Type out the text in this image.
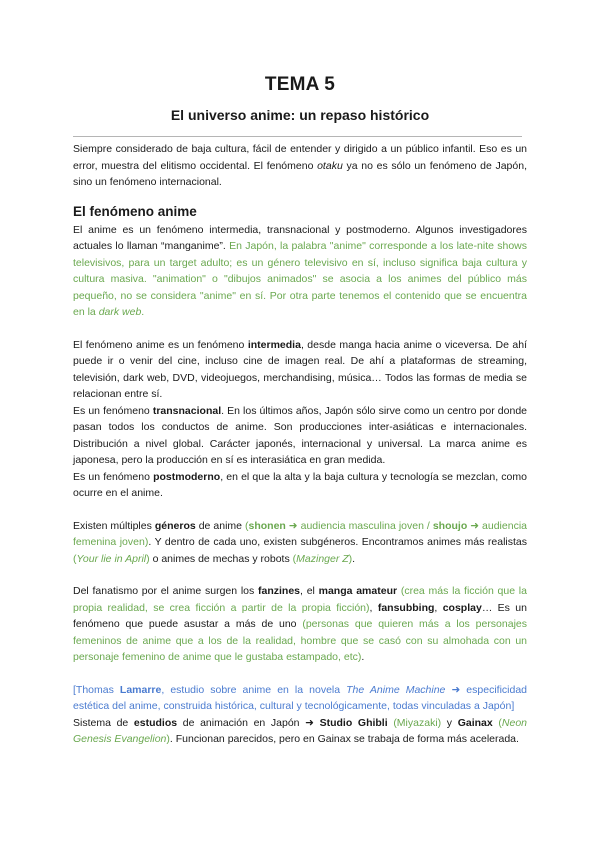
TEMA 5
El universo anime: un repaso histórico

Siempre considerado de baja cultura, fácil de entender y dirigido a un público infantil. Eso es un error, muestra del elitismo occidental. El fenómeno otaku ya no es sólo un fenómeno de Japón, sino un fenómeno internacional.

El fenómeno anime

El anime es un fenómeno intermedia, transnacional y postmoderno. Algunos investigadores actuales lo llaman “manganime”. En Japón, la palabra "anime" corresponde a los late-nite shows televisivos, para un target adulto; es un género televisivo en sí, incluso significa baja cultura y cultura masiva. "animation" o "dibujos animados" se asocia a los animes del público más pequeño, no se considera "anime" en sí. Por otra parte tenemos el contenido que se encuentra en la dark web.

El fenómeno anime es un fenómeno intermedia, desde manga hacia anime o viceversa. De ahí puede ir o venir del cine, incluso cine de imagen real. De ahí a plataformas de streaming, televisión, dark web, DVD, videojuegos, merchandising, música… Todos las formas de media se relacionan entre sí.

Es un fenómeno transnacional. En los últimos años, Japón sólo sirve como un centro por donde pasan todos los conductos de anime. Son producciones inter-asiáticas e internacionales. Distribución a nivel global. Carácter japonés, internacional y universal. La marca anime es japonesa, pero la producción en sí es interasiática en gran medida.

Es un fenómeno postmoderno, en el que la alta y la baja cultura y tecnología se mezclan, como ocurre en el anime.

Existen múltiples géneros de anime (shonen ➜ audiencia masculina joven / shoujo ➜ audiencia femenina joven). Y dentro de cada uno, existen subgéneros. Encontramos animes más realistas (Your lie in April) o animes de mechas y robots (Mazinger Z).

Del fanatismo por el anime surgen los fanzines, el manga amateur (crea más la ficción que la propia realidad, se crea ficción a partir de la propia ficción), fansubbing, cosplay… Es un fenómeno que puede asustar a más de uno (personas que quieren más a los personajes femeninos de anime que a los de la realidad, hombre que se casó con su almohada con un personaje femenino de anime que le gustaba estampado, etc).

[Thomas Lamarre, estudio sobre anime en la novela The Anime Machine ➜ especificidad estética del anime, construida histórica, cultural y tecnológicamente, todas vinculadas a Japón]

Sistema de estudios de animación en Japón ➜ Studio Ghibli (Miyazaki) y Gainax (Neon Genesis Evangelion). Funcionan parecidos, pero en Gainax se trabaja de forma más acelerada.
